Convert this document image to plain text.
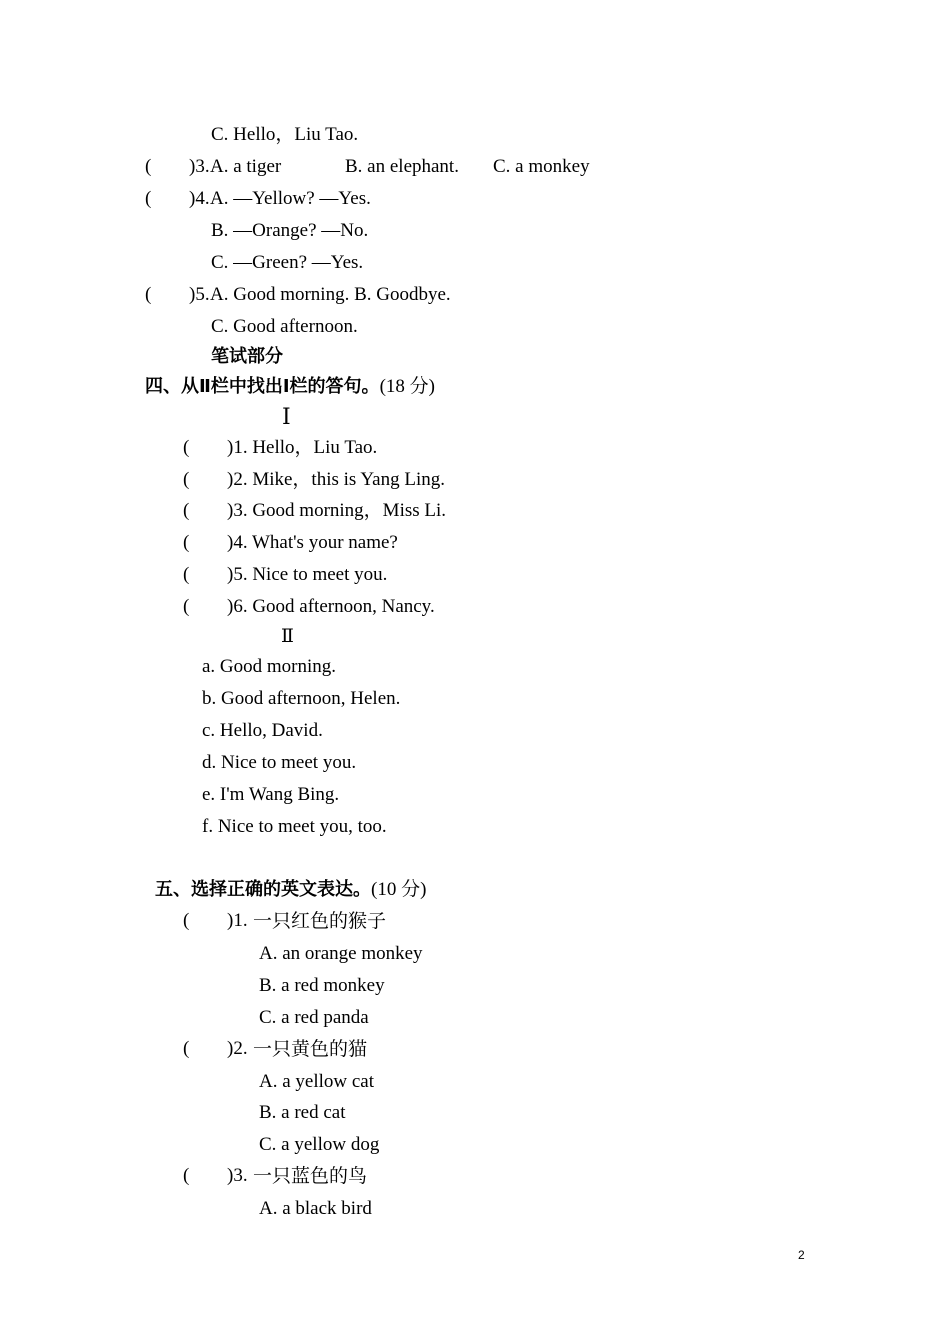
C. Hello，Liu Tao.
( )3. A. a tiger	B. an elephant. C. a monkey
( )4. A. —Yellow? —Yes.
B. —Orange? —No.
C. —Green? —Yes.
( )5. A. Good morning. B. Goodbye.
C. Good afternoon.
笔试部分
四、从Ⅱ栏中找出Ⅰ栏的答句。(18 分)
Ⅰ
( )1. Hello，Liu Tao.
( )2. Mike，this is Yang Ling.
( )3. Good morning，Miss Li.
( )4. What's your name?
( )5. Nice to meet you.
( )6. Good afternoon, Nancy.
Ⅱ
a. Good morning.
b. Good afternoon, Helen.
c. Hello, David.
d. Nice to meet you.
e. I'm Wang Bing.
f. Nice to meet you, too.
五、选择正确的英文表达。(10 分)
( )1. 一只红色的猴子
A. an orange monkey
B. a red monkey
C. a red panda
( )2. 一只黄色的猫
A. a yellow cat
B. a red cat
C. a yellow dog
( )3. 一只蓝色的鸟
A. a black bird
2
